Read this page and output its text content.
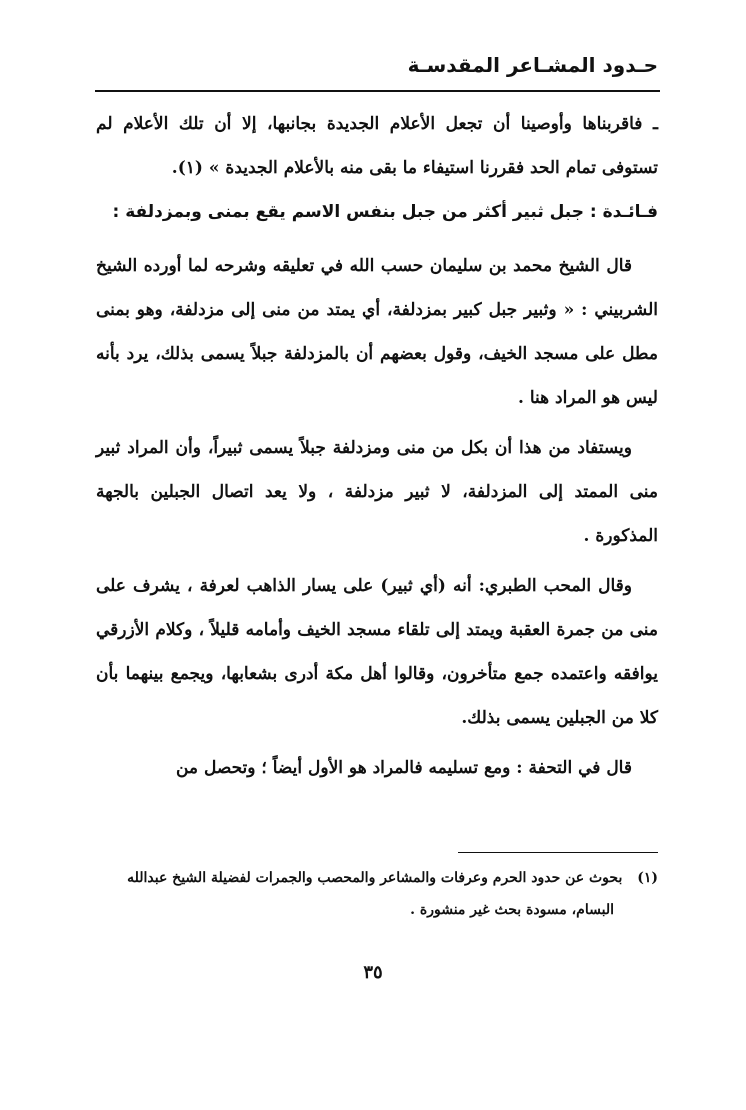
حـدود المشـاعر المقدسـة

ـ فاقربناها وأوصينا أن تجعل الأعلام الجديدة بجانبها، إلا أن تلك الأعلام لم تستوفى تمام الحد فقررنا استيفاء ما بقى منه بالأعلام الجديدة » (١).

فـائـدة : جبل ثبير أكثر من جبل بنفس الاسم يقع بمنى وبمزدلفة :

قال الشيخ محمد بن سليمان حسب الله في تعليقه وشرحه لما أورده الشيخ الشربيني : « وثبير جبل كبير بمزدلفة، أي يمتد من منى إلى مزدلفة، وهو بمنى مطل على مسجد الخيف، وقول بعضهم أن بالمزدلفة جبلاً يسمى بذلك، يرد بأنه ليس هو المراد هنا .

ويستفاد من هذا أن بكل من منى ومزدلفة جبلاً يسمى ثبيراً، وأن المراد ثبير منى الممتد إلى المزدلفة، لا ثبير مزدلفة ، ولا يعد اتصال الجبلين بالجهة المذكورة .

وقال المحب الطبري: أنه (أي ثبير) على يسار الذاهب لعرفة ، يشرف على منى من جمرة العقبة ويمتد إلى تلقاء مسجد الخيف وأمامه قليلاً ، وكلام الأزرقي يوافقه واعتمده جمع متأخرون، وقالوا أهل مكة أدرى بشعابها، ويجمع بينهما بأن كلا من الجبلين يسمى بذلك.

قال في التحفة : ومع تسليمه فالمراد هو الأول أيضاً ؛ وتحصل من

(١) بحوث عن حدود الحرم وعرفات والمشاعر والمحصب والجمرات لفضيلة الشيخ عبدالله
البسام، مسودة بحث غير منشورة .
٣٥
